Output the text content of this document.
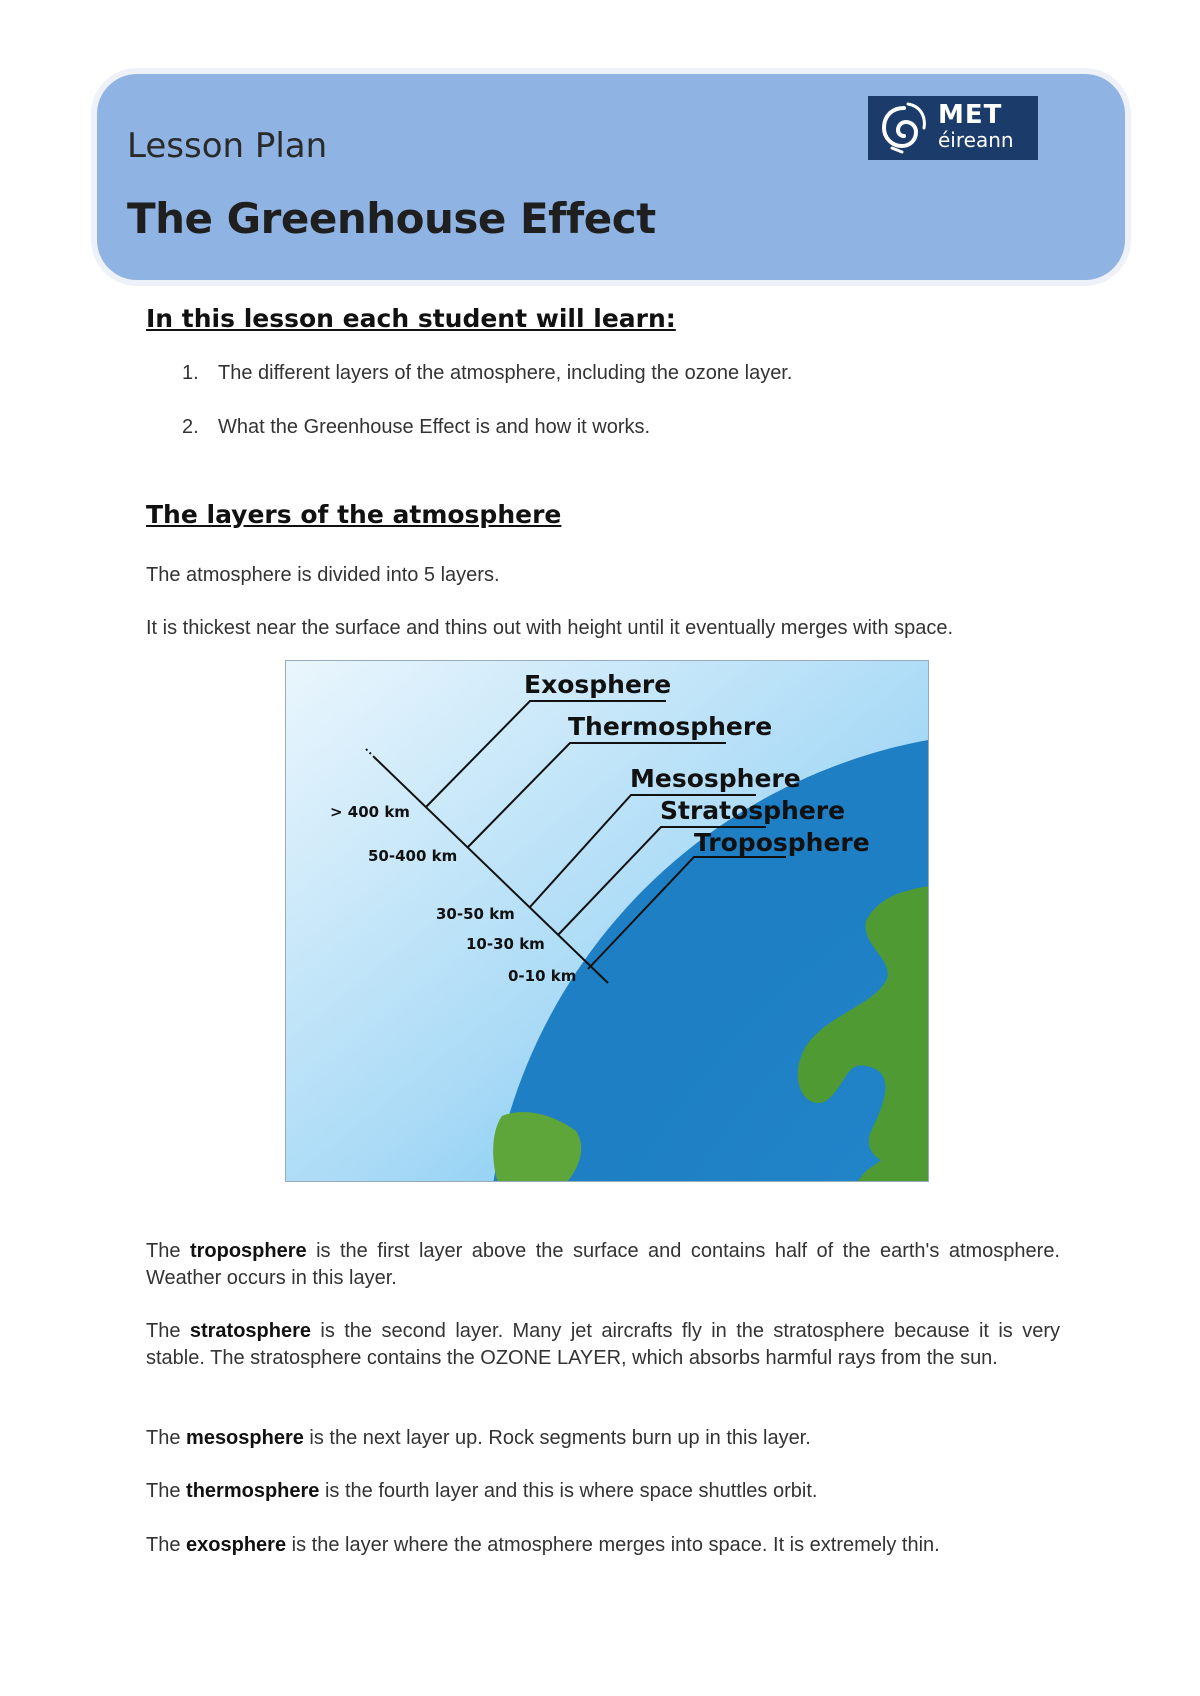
Lesson Plan
The Greenhouse Effect
MET
éireann
In this lesson each student will learn:
1. The different layers of the atmosphere, including the ozone layer.
2. What the Greenhouse Effect is and how it works.
The layers of the atmosphere
The atmosphere is divided into 5 layers.
It is thickest near the surface and thins out with height until it eventually merges with space.
Exosphere
Thermosphere
Mesosphere
Stratosphere
Troposphere
> 400 km
50-400 km
30-50 km
10-30 km
0-10 km
The troposphere is the first layer above the surface and contains half of the earth's atmosphere. Weather occurs in this layer.
The stratosphere is the second layer. Many jet aircrafts fly in the stratosphere because it is very stable. The stratosphere contains the OZONE LAYER, which absorbs harmful rays from the sun.
The mesosphere is the next layer up. Rock segments burn up in this layer.
The thermosphere is the fourth layer and this is where space shuttles orbit.
The exosphere is the layer where the atmosphere merges into space. It is extremely thin.
